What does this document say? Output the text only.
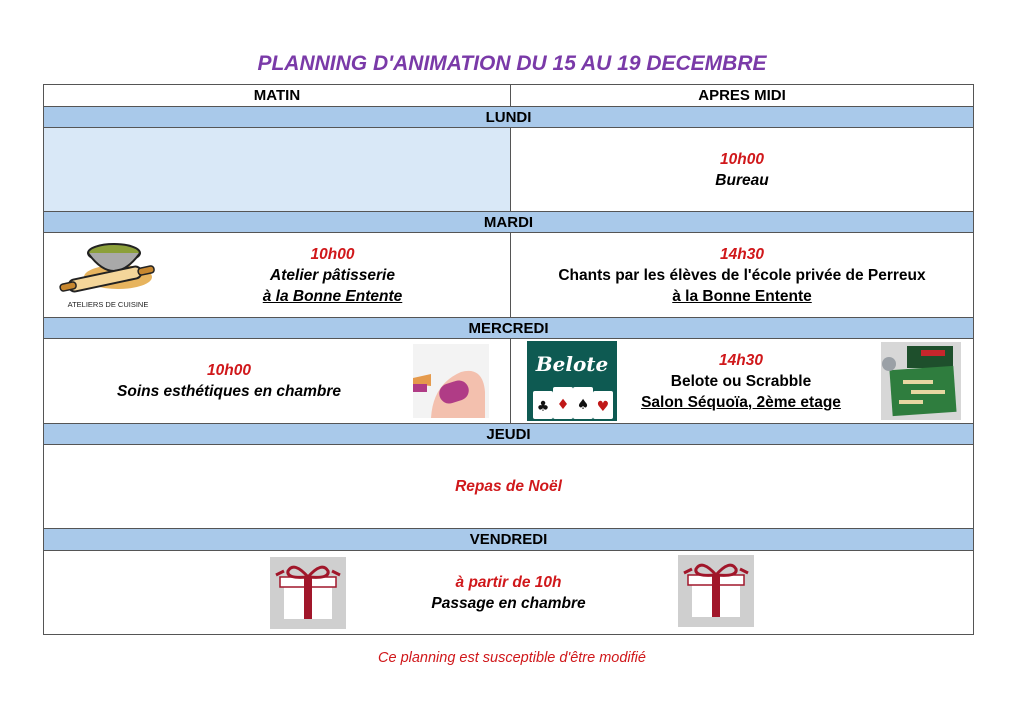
PLANNING D'ANIMATION DU 15 AU 19 DECEMBRE
MATIN	APRES MIDI
LUNDI
10h00
Bureau
MARDI
ATELIERS DE CUISINE
10h00
Atelier pâtisserie
à la Bonne Entente
14h30
Chants par les élèves de l'école privée de Perreux
à la Bonne Entente
MERCREDI
10h00
Soins esthétiques en chambre
Belote
♣ ♦ ♠ ♥
14h30
Belote ou Scrabble
Salon Séquoïa, 2ème etage
JEUDI
Repas de Noël
VENDREDI
à partir de 10h
Passage en chambre
Ce planning est susceptible d'être modifié
